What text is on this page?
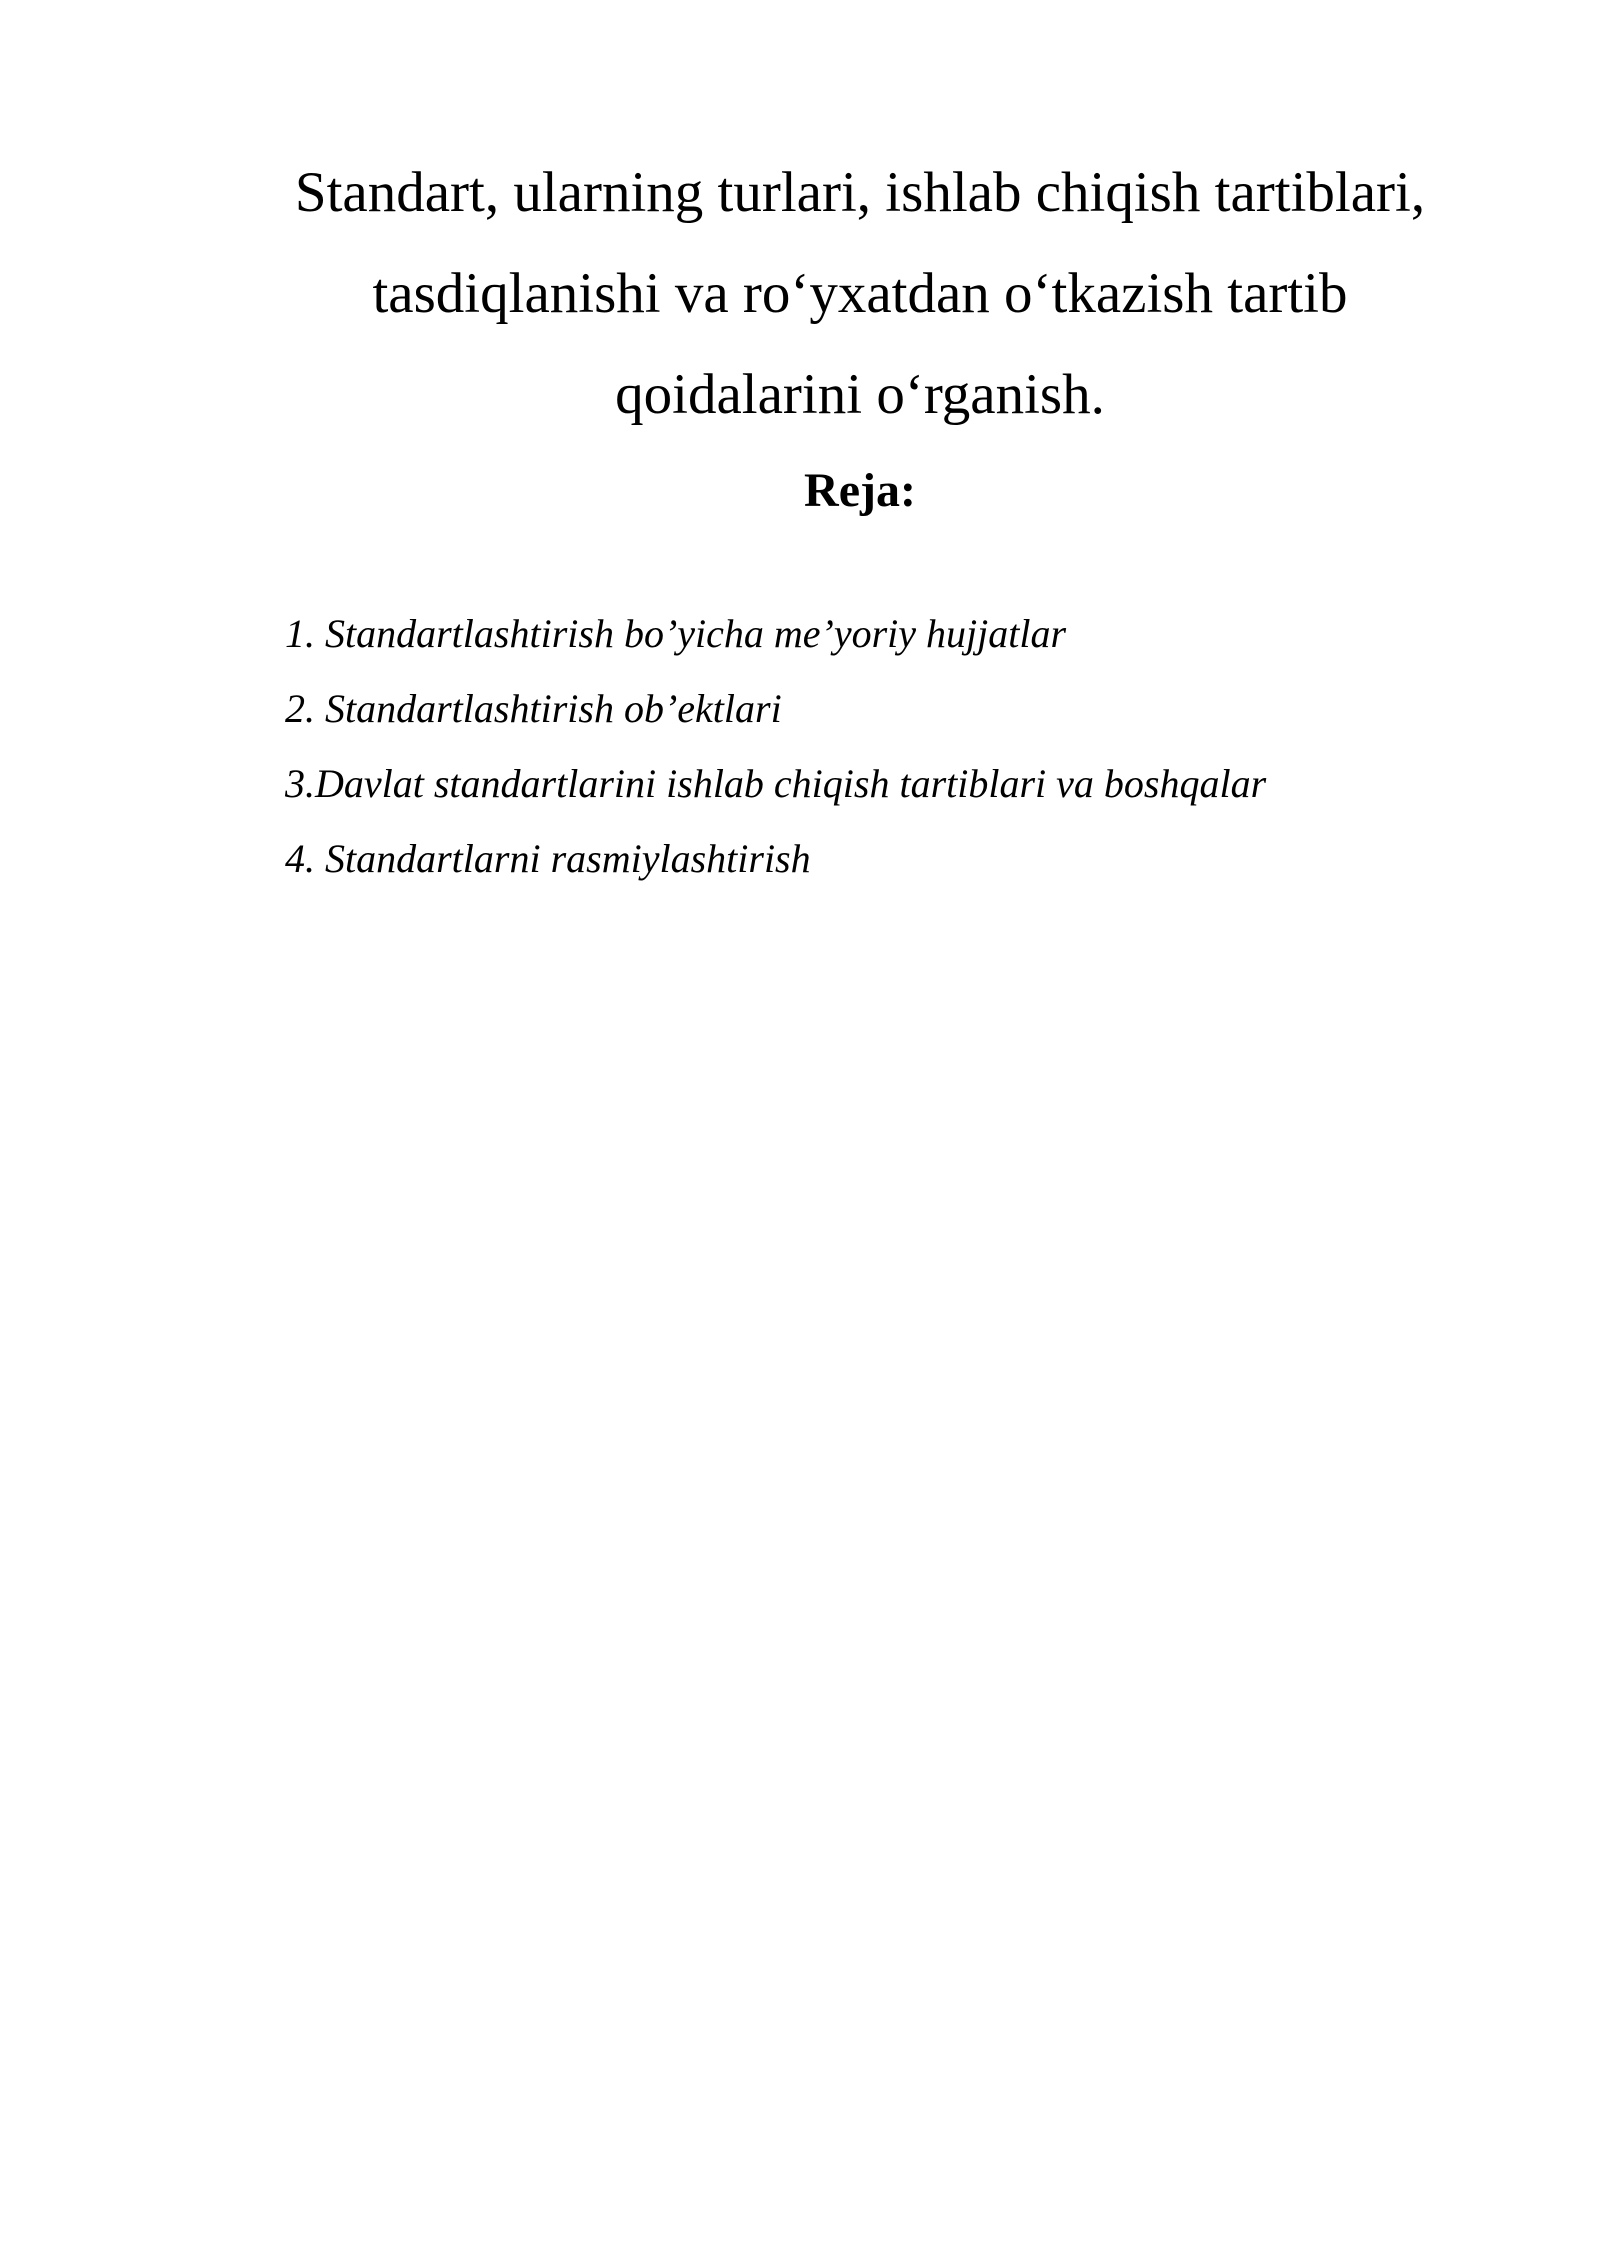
Standart, ularning turlari, ishlab chiqish tartiblari,
tasdiqlanishi va ro‘yxatdan o‘tkazish tartib
qoidalarini o‘rganish.

Reja:

1. Standartlashtirish bo’yicha me’yoriy hujjatlar
2. Standartlashtirish ob’ektlari
3.Davlat standartlarini ishlab chiqish tartiblari va boshqalar
4. Standartlarni rasmiylashtirish
